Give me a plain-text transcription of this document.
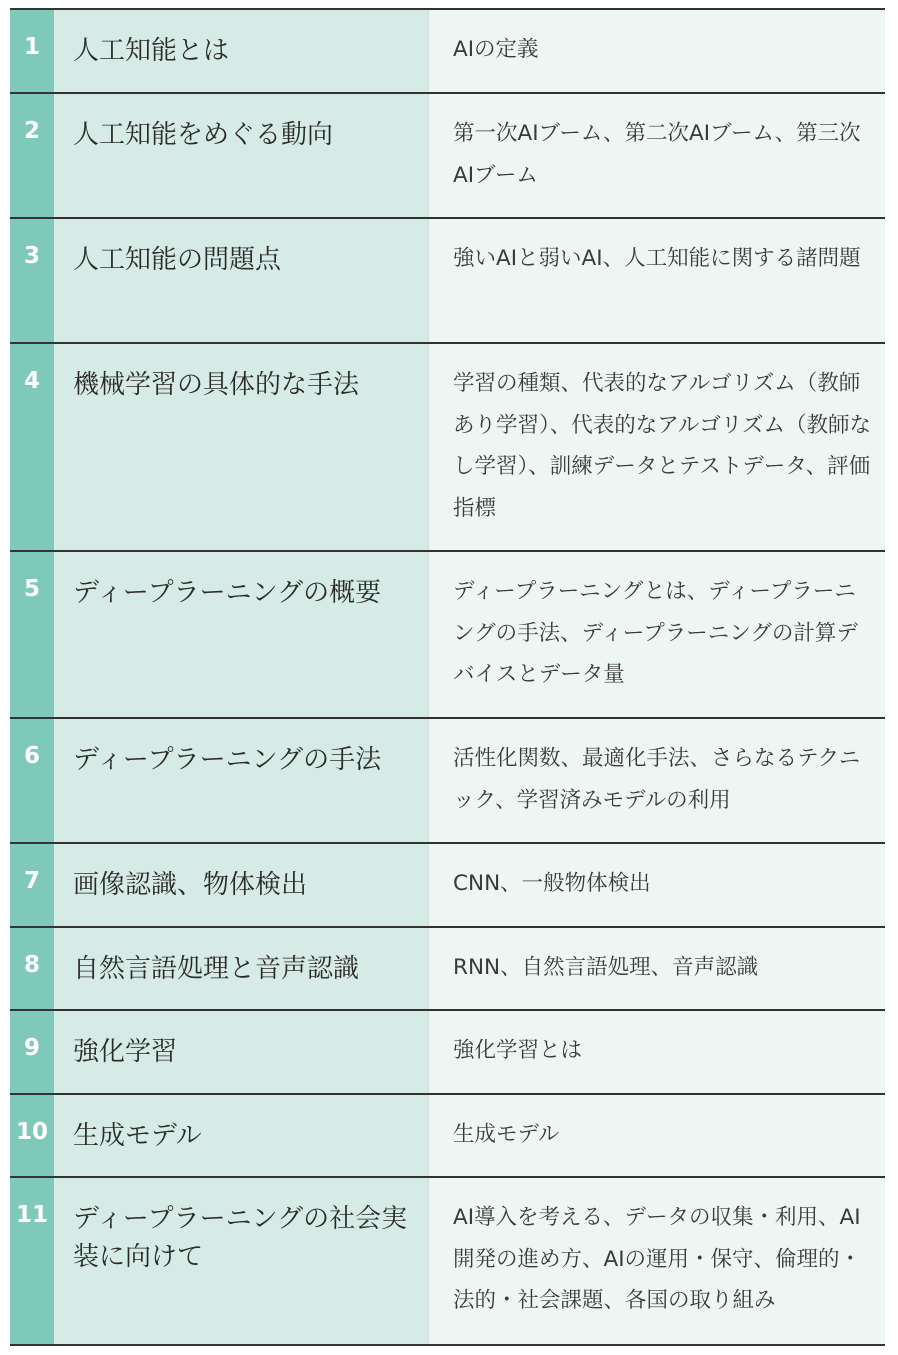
1	人工知能とは	AIの定義

2	人工知能をめぐる動向	第一次AIブーム、第二次AIブーム、第三次AIブーム

3	人工知能の問題点	強いAIと弱いAI、人工知能に関する諸問題

4	機械学習の具体的な手法	学習の種類、代表的なアルゴリズム（教師あり学習）、代表的なアルゴリズム（教師なし学習）、訓練データとテストデータ、評価指標

5	ディープラーニングの概要	ディープラーニングとは、ディープラーニングの手法、ディープラーニングの計算デバイスとデータ量

6	ディープラーニングの手法	活性化関数、最適化手法、さらなるテクニック、学習済みモデルの利用

7	画像認識、物体検出	CNN、一般物体検出

8	自然言語処理と音声認識	RNN、自然言語処理、音声認識

9	強化学習	強化学習とは

10	生成モデル	生成モデル

11	ディープラーニングの社会実装に向けて	AI導入を考える、データの収集・利用、AI開発の進め方、AIの運用・保守、倫理的・法的・社会課題、各国の取り組み
